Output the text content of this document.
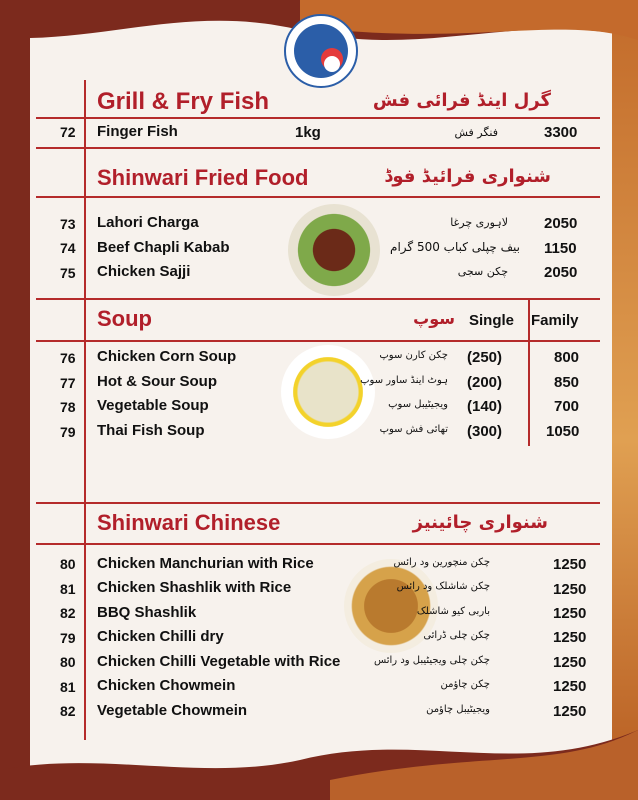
Grill & Fry Fish	گرل اینڈ فرائی فش
72 Finger Fish	1kg	فنگر فش	3300
Shinwari Fried Food	شنواری فرائیڈ فوڈ
73 Lahori Charga	لاہوری چرغا 2050
74 Beef Chapli Kabab	بیف چپلی کباب 500 گرام 1150
75 Chicken Sajji	چکن سجی 2050
Soup	سوپ Single Family
76 Chicken Corn Soup	چکن کارن سوپ (250)	800
77 Hot & Sour Soup	ہوٹ اینڈ ساور سوپ (200)	850
78 Vegetable Soup	ویجیٹیبل سوپ (140)	700
79 Thai Fish Soup	تھائی فش سوپ (300)	1050
Shinwari Chinese	شنواری چائینیز
80 Chicken Manchurian with Rice	چکن منچورین ود رائس	1250
81 Chicken Shashlik with Rice	چکن شاشلک ود رائس	1250
82 BBQ Shashlik	باربی کیو شاشلک	1250
79 Chicken Chilli dry	چکن چلی ڈرائی	1250
80 Chicken Chilli Vegetable with Rice	چکن چلی ویجیٹیبل ود رائس	1250
81 Chicken Chowmein	چکن چاؤمن	1250
82 Vegetable Chowmein	ویجیٹیبل چاؤمن	1250
